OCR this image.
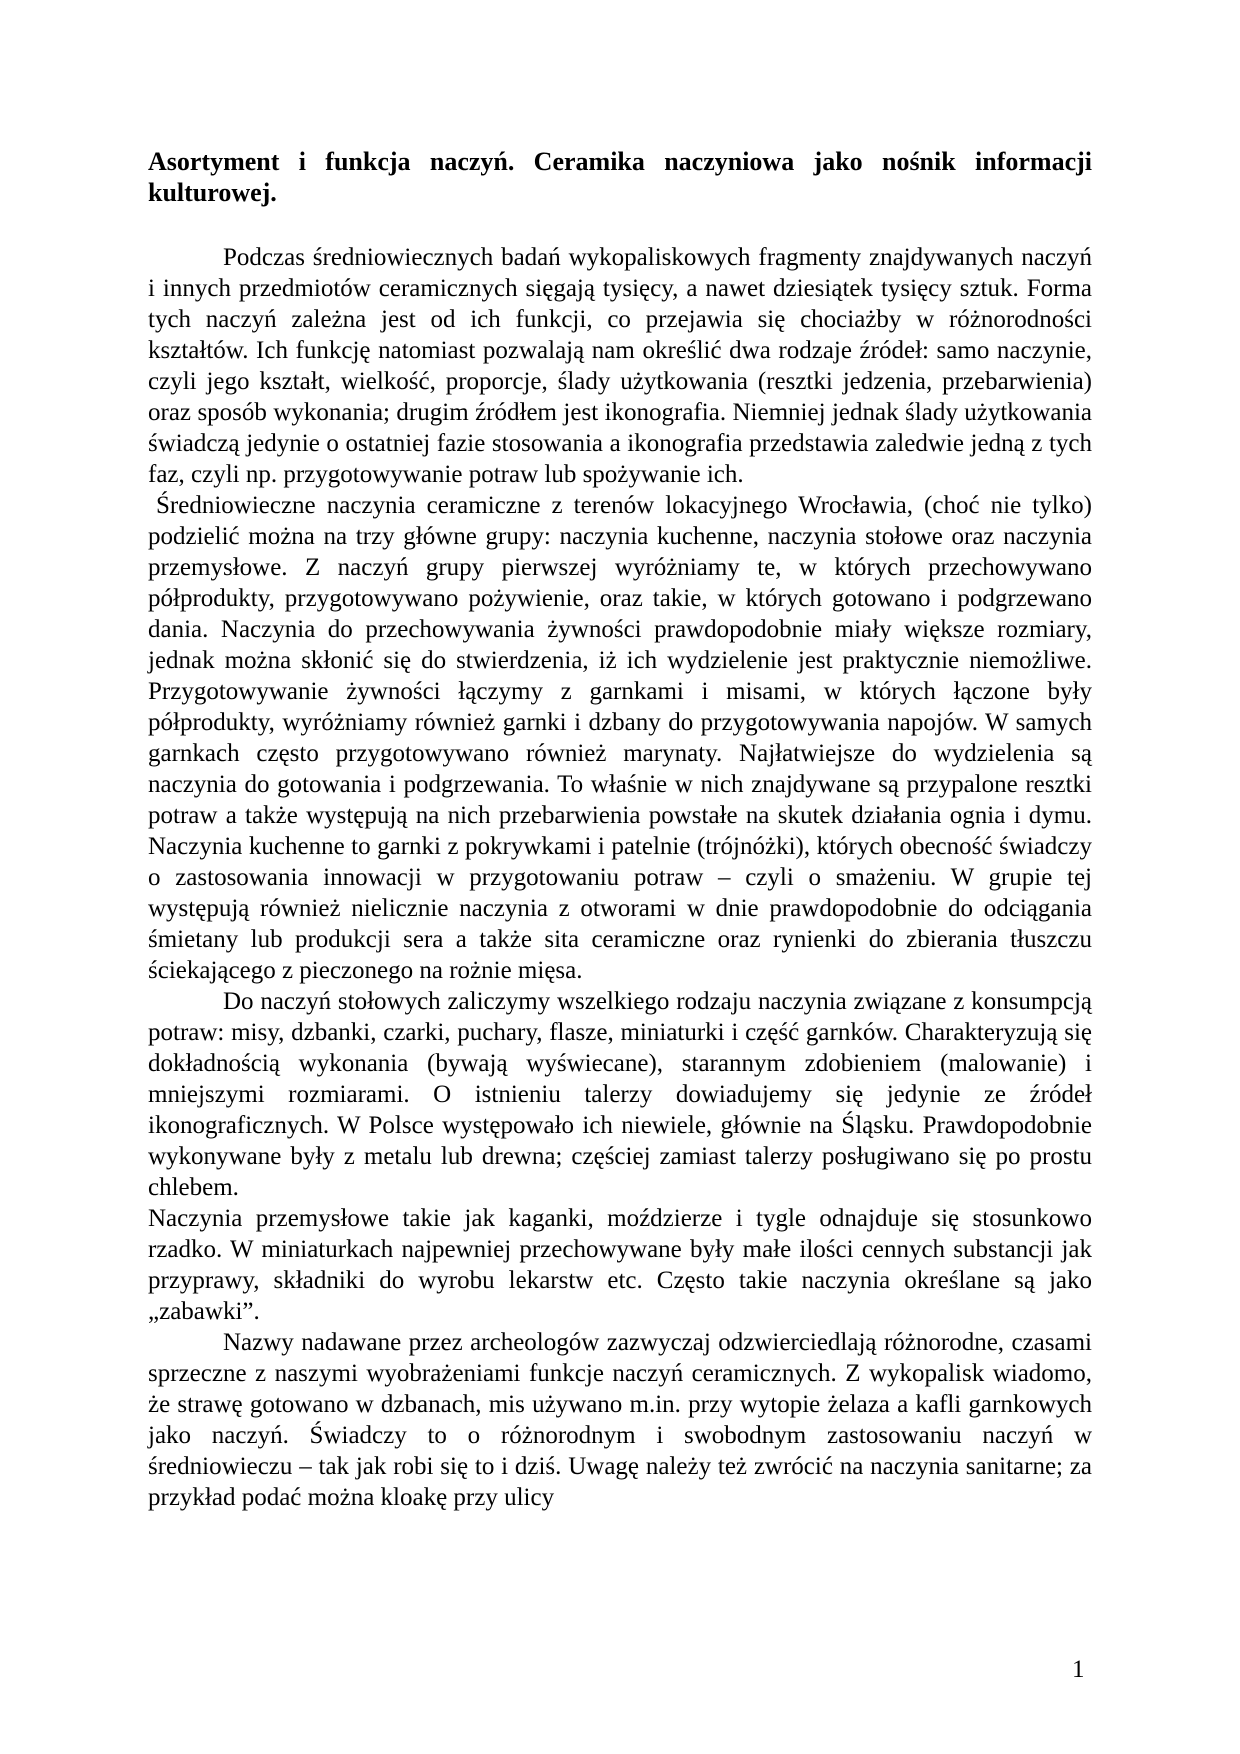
Asortyment i funkcja naczyń. Ceramika naczyniowa jako nośnik informacji kulturowej.

Podczas średniowiecznych badań wykopaliskowych fragmenty znajdywanych naczyń i innych przedmiotów ceramicznych sięgają tysięcy, a nawet dziesiątek tysięcy sztuk. Forma tych naczyń zależna jest od ich funkcji, co przejawia się chociażby w różnorodności kształtów. Ich funkcję natomiast pozwalają nam określić dwa rodzaje źródeł: samo naczynie, czyli jego kształt, wielkość, proporcje, ślady użytkowania (resztki jedzenia, przebarwienia) oraz sposób wykonania; drugim źródłem jest ikonografia. Niemniej jednak ślady użytkowania świadczą jedynie o ostatniej fazie stosowania a ikonografia przedstawia zaledwie jedną z tych faz, czyli np. przygotowywanie potraw lub spożywanie ich.

Średniowieczne naczynia ceramiczne z terenów lokacyjnego Wrocławia, (choć nie tylko) podzielić można na trzy główne grupy: naczynia kuchenne, naczynia stołowe oraz naczynia przemysłowe. Z naczyń grupy pierwszej wyróżniamy te, w których przechowywano półprodukty, przygotowywano pożywienie, oraz takie, w których gotowano i podgrzewano dania. Naczynia do przechowywania żywności prawdopodobnie miały większe rozmiary, jednak można skłonić się do stwierdzenia, iż ich wydzielenie jest praktycznie niemożliwe. Przygotowywanie żywności łączymy z garnkami i misami, w których łączone były półprodukty, wyróżniamy również garnki i dzbany do przygotowywania napojów. W samych garnkach często przygotowywano również marynaty. Najłatwiejsze do wydzielenia są naczynia do gotowania i podgrzewania. To właśnie w nich znajdywane są przypalone resztki potraw a także występują na nich przebarwienia powstałe na skutek działania ognia i dymu. Naczynia kuchenne to garnki z pokrywkami i patelnie (trójnóżki), których obecność świadczy o zastosowania innowacji w przygotowaniu potraw – czyli o smażeniu. W grupie tej występują również nielicznie naczynia z otworami w dnie prawdopodobnie do odciągania śmietany lub produkcji sera a także sita ceramiczne oraz rynienki do zbierania tłuszczu ściekającego z pieczonego na rożnie mięsa.

Do naczyń stołowych zaliczymy wszelkiego rodzaju naczynia związane z konsumpcją potraw: misy, dzbanki, czarki, puchary, flasze, miniaturki i część garnków. Charakteryzują się dokładnością wykonania (bywają wyświecane), starannym zdobieniem (malowanie) i mniejszymi rozmiarami. O istnieniu talerzy dowiadujemy się jedynie ze źródeł ikonograficznych. W Polsce występowało ich niewiele, głównie na Śląsku. Prawdopodobnie wykonywane były z metalu lub drewna; częściej zamiast talerzy posługiwano się po prostu chlebem.

Naczynia przemysłowe takie jak kaganki, moździerze i tygle odnajduje się stosunkowo rzadko. W miniaturkach najpewniej przechowywane były małe ilości cennych substancji jak przyprawy, składniki do wyrobu lekarstw etc. Często takie naczynia określane są jako „zabawki”.

Nazwy nadawane przez archeologów zazwyczaj odzwierciedlają różnorodne, czasami sprzeczne z naszymi wyobrażeniami funkcje naczyń ceramicznych. Z wykopalisk wiadomo, że strawę gotowano w dzbanach, mis używano m.in. przy wytopie żelaza a kafli garnkowych jako naczyń. Świadczy to o różnorodnym i swobodnym zastosowaniu naczyń w średniowieczu – tak jak robi się to i dziś. Uwagę należy też zwrócić na naczynia sanitarne; za przykład podać można kloakę przy ulicy

1
